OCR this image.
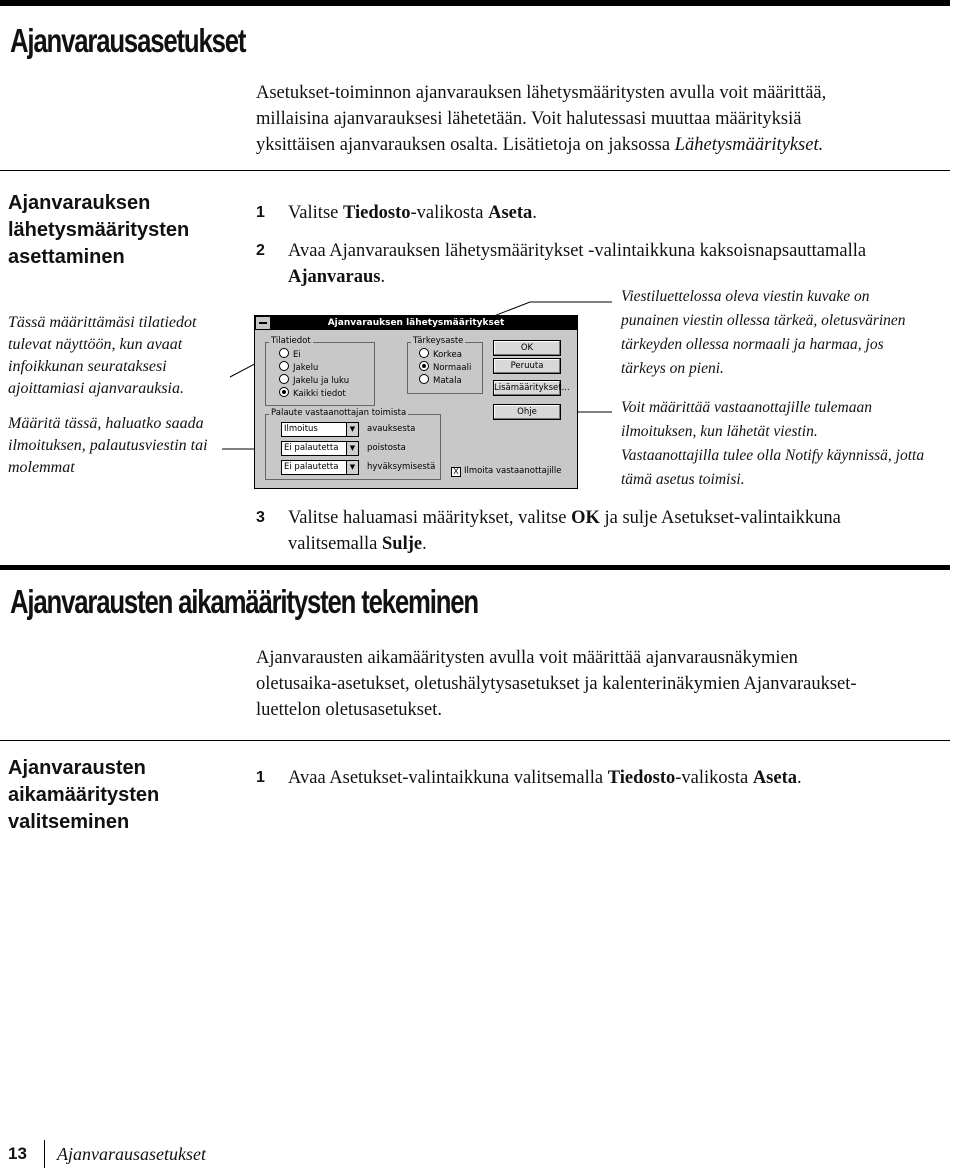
Ajanvarausasetukset
Asetukset-toiminnon ajanvarauksen lähetysmääritysten avulla voit määrittää,
millaisina ajanvarauksesi lähetetään. Voit halutessasi muuttaa määrityksiä
yksittäisen ajanvarauksen osalta. Lisätietoja on jaksossa Lähetysmääritykset.
Ajanvarauksen
lähetysmääritysten
asettaminen
Tässä määrittämäsi tilatiedot tulevat näyttöön, kun avaat infoikkunan seurataksesi ajoittamiasi ajanvarauksia.
Määritä tässä, haluatko saada ilmoituksen, palautusviestin tai molemmat
1 Valitse Tiedosto-valikosta Aseta.
2 Avaa Ajanvarauksen lähetysmääritykset -valintaikkuna kaksoisnapsauttamalla
Ajanvaraus.
Viestiluettelossa oleva viestin kuvake on
punainen viestin ollessa tärkeä, oletusvärinen
tärkeyden ollessa normaali ja harmaa, jos
tärkeys on pieni.
Voit määrittää vastaanottajille tulemaan
ilmoituksen, kun lähetät viestin.
Vastaanottajilla tulee olla Notify käynnissä, jotta
tämä asetus toimisi.
Ajanvarauksen lähetysmääritykset
Tilatiedot
Ei
Jakelu
Jakelu ja luku
Kaikki tiedot
Tärkeysaste
Korkea
Normaali
Matala
OK
Peruuta
Lisämääritykset...
Ohje
Palaute vastaanottajan toimista
Ilmoitus	▼	avauksesta
Ei palautetta	▼	poistosta
Ei palautetta	▼	hyväksymisestä X Ilmoita vastaanottajille
3 Valitse haluamasi määritykset, valitse OK ja sulje Asetukset-valintaikkuna
valitsemalla Sulje.
Ajanvarausten aikamääritysten tekeminen
Ajanvarausten aikamääritysten avulla voit määrittää ajanvarausnäkymien
oletusaika-asetukset, oletushälytysasetukset ja kalenterinäkymien Ajanvaraukset-
luettelon oletusasetukset.
Ajanvarausten
aikamääritysten
valitseminen
1 Avaa Asetukset-valintaikkuna valitsemalla Tiedosto-valikosta Aseta.
13 Ajanvarausasetukset
